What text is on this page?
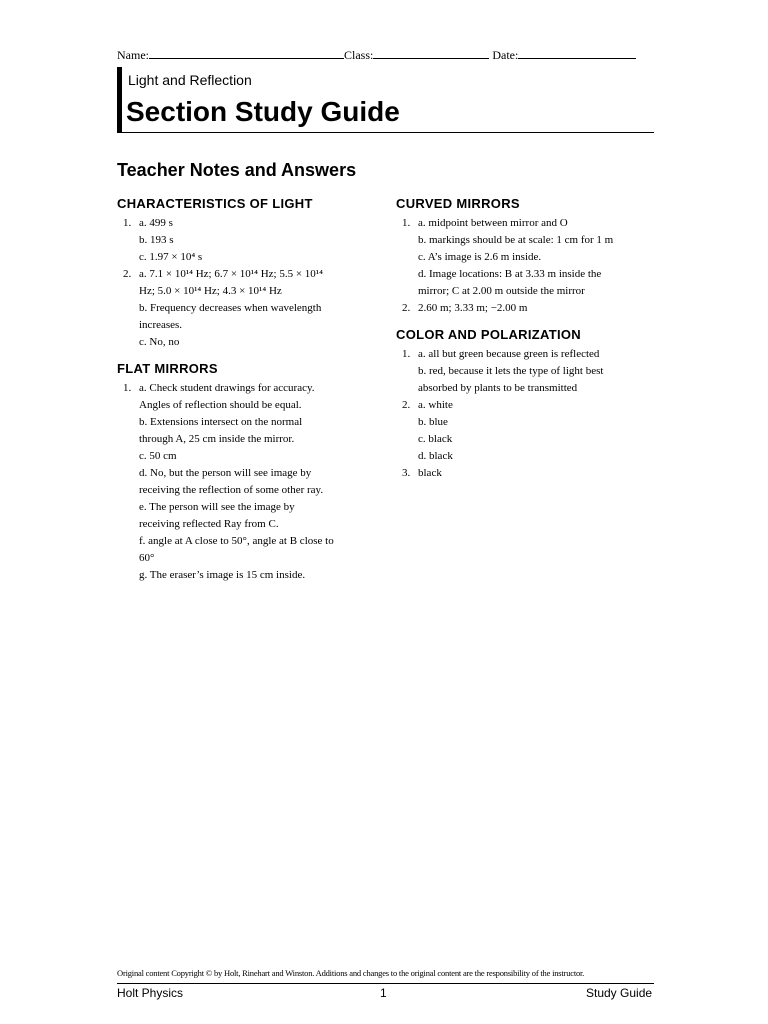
Name:	Class:	Date:
Light and Reflection
Section Study Guide
Teacher Notes and Answers
CHARACTERISTICS OF LIGHT
1. a. 499 s
b. 193 s
c. 1.97 × 10⁴ s
2. a. 7.1 × 10¹⁴ Hz; 6.7 × 10¹⁴ Hz; 5.5 × 10¹⁴
Hz; 5.0 × 10¹⁴ Hz; 4.3 × 10¹⁴ Hz
b. Frequency decreases when wavelength
increases.
c. No, no
FLAT MIRRORS
1. a. Check student drawings for accuracy.
Angles of reflection should be equal.
b. Extensions intersect on the normal
through A, 25 cm inside the mirror.
c. 50 cm
d. No, but the person will see image by
receiving the reflection of some other ray.
e. The person will see the image by
receiving reflected Ray from C.
f. angle at A close to 50°, angle at B close to
60°
g. The eraser’s image is 15 cm inside.
CURVED MIRRORS
1. a. midpoint between mirror and O
b. markings should be at scale: 1 cm for 1 m
c. A’s image is 2.6 m inside.
d. Image locations: B at 3.33 m inside the
mirror; C at 2.00 m outside the mirror
2. 2.60 m; 3.33 m; −2.00 m
COLOR AND POLARIZATION
1. a. all but green because green is reflected
b. red, because it lets the type of light best
absorbed by plants to be transmitted
2. a. white
b. blue
c. black
d. black
3. black
Original content Copyright © by Holt, Rinehart and Winston. Additions and changes to the original content are the responsibility of the instructor.
Holt Physics	1	Study Guide
